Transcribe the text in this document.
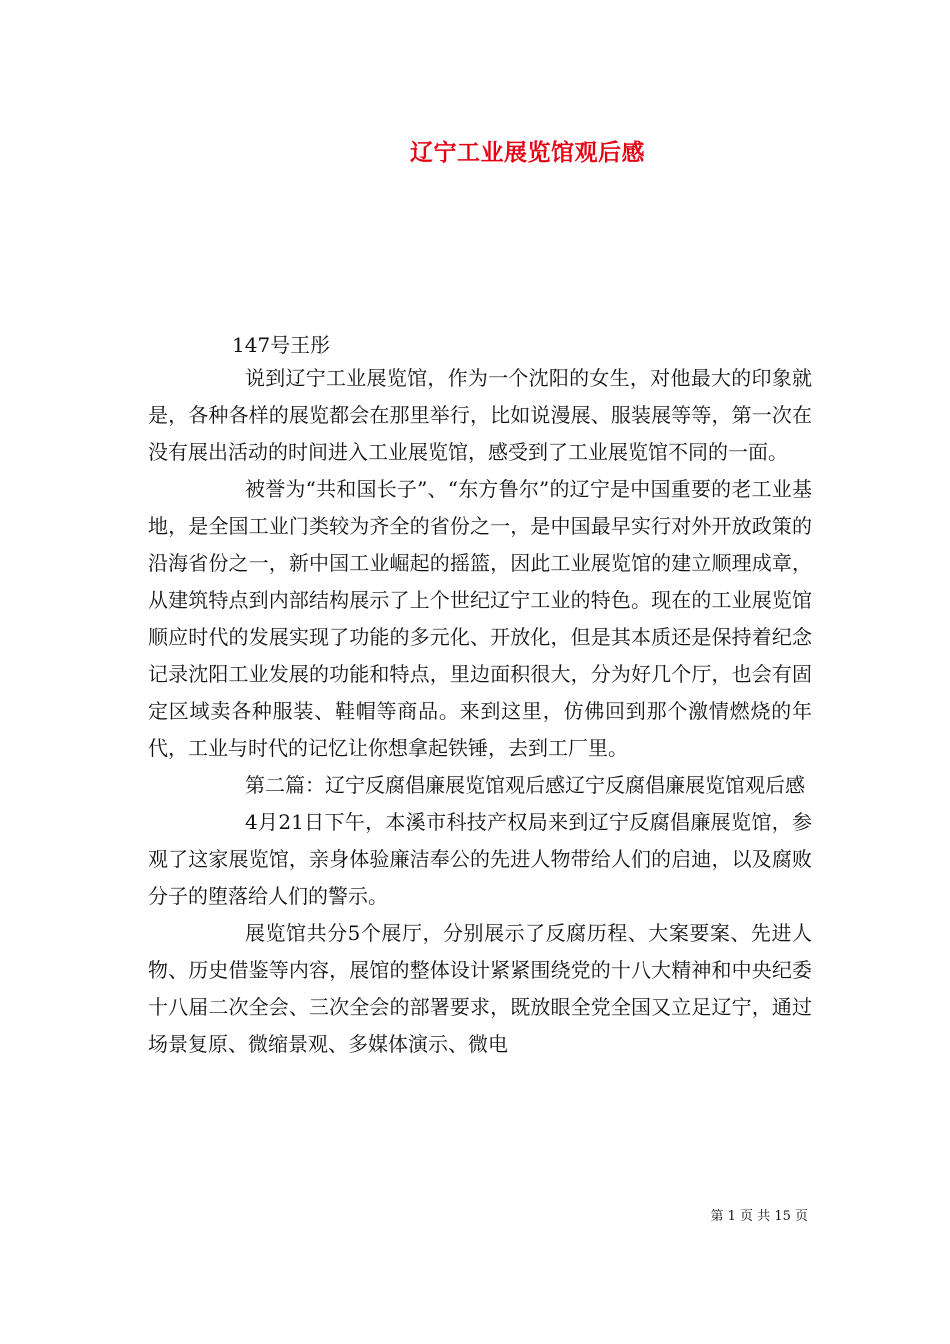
辽宁工业展览馆观后感
147号王彤

说到辽宁工业展览馆，作为一个沈阳的女生，对他最大的印象就是，各种各样的展览都会在那里举行，比如说漫展、服装展等等，第一次在没有展出活动的时间进入工业展览馆，感受到了工业展览馆不同的一面。

被誉为“共和国长子”、“东方鲁尔”的辽宁是中国重要的老工业基地，是全国工业门类较为齐全的省份之一，是中国最早实行对外开放政策的沿海省份之一，新中国工业崛起的摇篮，因此工业展览馆的建立顺理成章，从建筑特点到内部结构展示了上个世纪辽宁工业的特色。现在的工业展览馆顺应时代的发展实现了功能的多元化、开放化，但是其本质还是保持着纪念记录沈阳工业发展的功能和特点，里边面积很大，分为好几个厅，也会有固定区域卖各种服装、鞋帽等商品。来到这里，仿佛回到那个激情燃烧的年代，工业与时代的记忆让你想拿起铁锤，去到工厂里。

第二篇：辽宁反腐倡廉展览馆观后感辽宁反腐倡廉展览馆观后感

4月21日下午，本溪市科技产权局来到辽宁反腐倡廉展览馆，参观了这家展览馆，亲身体验廉洁奉公的先进人物带给人们的启迪，以及腐败分子的堕落给人们的警示。

展览馆共分5个展厅，分别展示了反腐历程、大案要案、先进人物、历史借鉴等内容，展馆的整体设计紧紧围绕党的十八大精神和中央纪委十八届二次全会、三次全会的部署要求，既放眼全党全国又立足辽宁，通过场景复原、微缩景观、多媒体演示、微电

第 1 页 共 15 页
